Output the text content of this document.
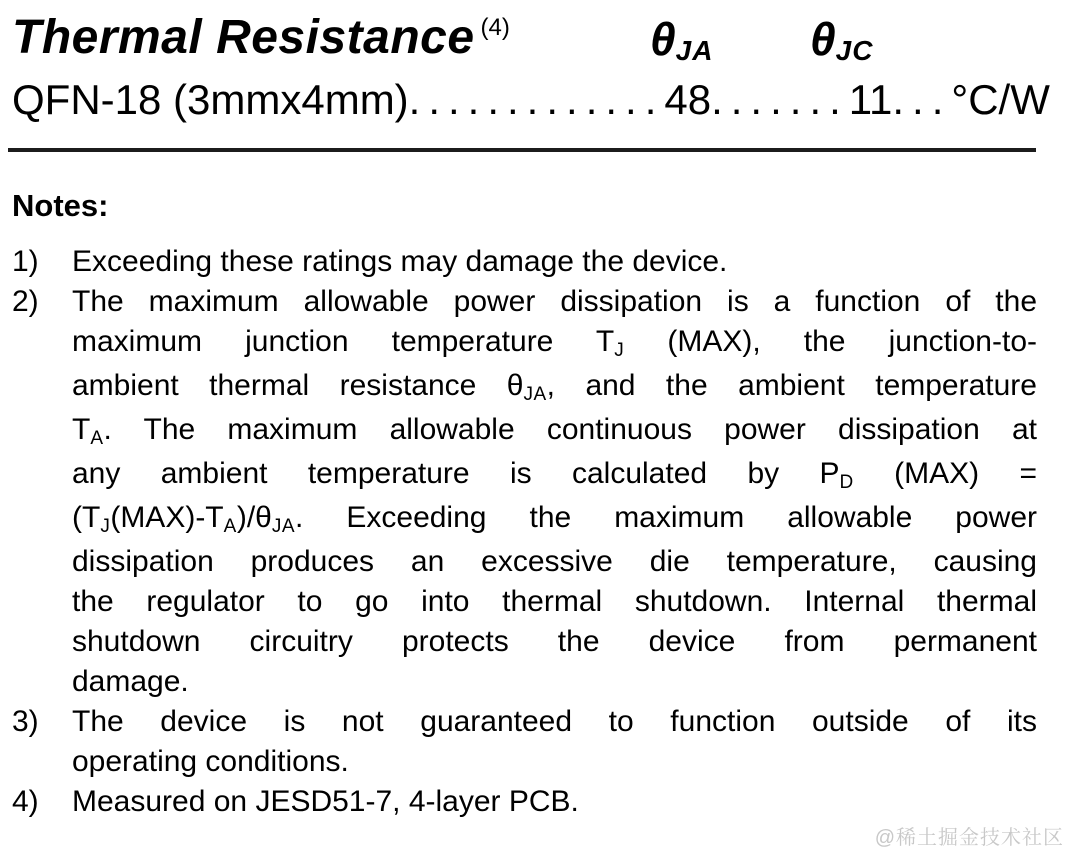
Thermal Resistance (4)	θJA θJC
QFN-18 (3mmx4mm).............48.......11...°C/W
Notes:
1)	Exceeding these ratings may damage the device.
2)	The maximum allowable power dissipation is a function of the
maximum junction temperature TJ (MAX), the junction-to-
ambient thermal resistance θJA, and the ambient temperature
TA. The maximum allowable continuous power dissipation at
any ambient temperature is calculated by PD (MAX) =
(TJ(MAX)-TA)/θJA. Exceeding the maximum allowable power
dissipation produces an excessive die temperature, causing
the regulator to go into thermal shutdown. Internal thermal
shutdown circuitry protects the device from permanent
damage.
3)	The device is not guaranteed to function outside of its
operating conditions.
4)	Measured on JESD51-7, 4-layer PCB.
@稀土掘金技术社区
